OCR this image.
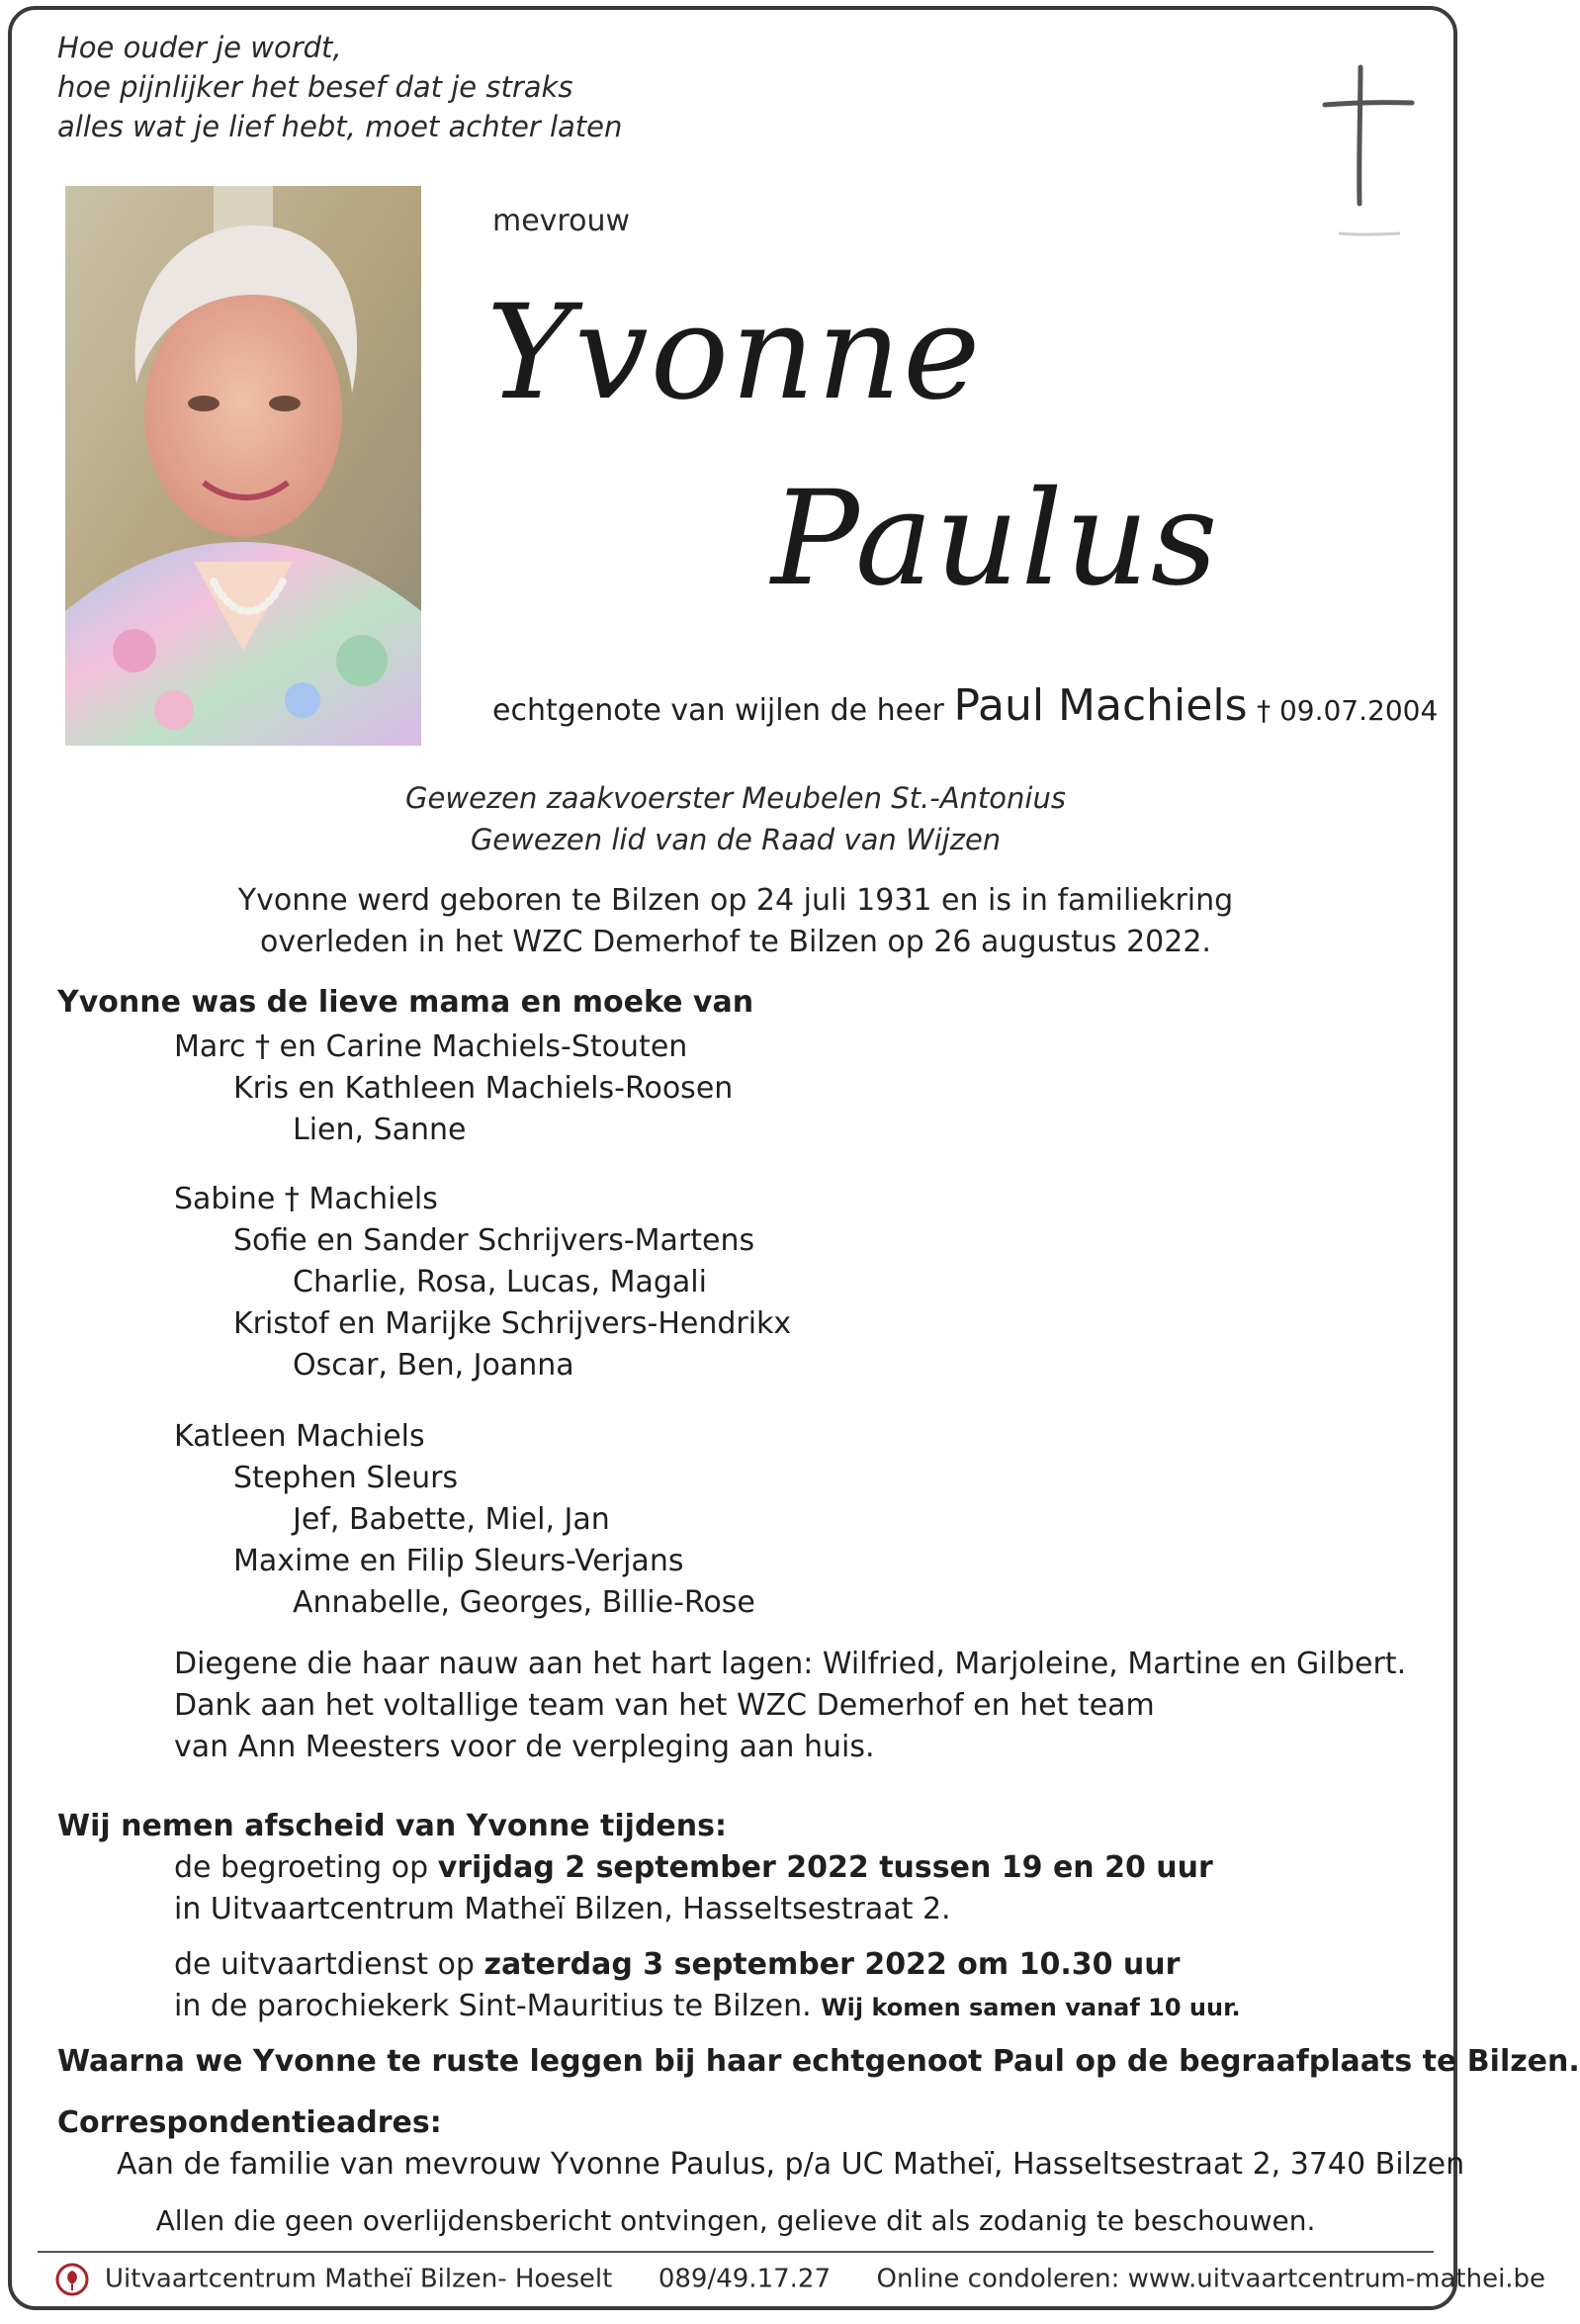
Hoe ouder je wordt,
hoe pijnlijker het besef dat je straks
alles wat je lief hebt, moet achter laten
mevrouw
Yvonne
Paulus
echtgenote van wijlen de heer Paul Machiels † 09.07.2004
Gewezen zaakvoerster Meubelen St.-Antonius
Gewezen lid van de Raad van Wijzen
Yvonne werd geboren te Bilzen op 24 juli 1931 en is in familiekring
overleden in het WZC Demerhof te Bilzen op 26 augustus 2022.
Yvonne was de lieve mama en moeke van
Marc † en Carine Machiels-Stouten
Kris en Kathleen Machiels-Roosen
Lien, Sanne
Sabine † Machiels
Sofie en Sander Schrijvers-Martens
Charlie, Rosa, Lucas, Magali
Kristof en Marijke Schrijvers-Hendrikx
Oscar, Ben, Joanna
Katleen Machiels
Stephen Sleurs
Jef, Babette, Miel, Jan
Maxime en Filip Sleurs-Verjans
Annabelle, Georges, Billie-Rose
Diegene die haar nauw aan het hart lagen: Wilfried, Marjoleine, Martine en Gilbert.
Dank aan het voltallige team van het WZC Demerhof en het team
van Ann Meesters voor de verpleging aan huis.
Wij nemen afscheid van Yvonne tijdens:
de begroeting op vrijdag 2 september 2022 tussen 19 en 20 uur
in Uitvaartcentrum Matheï Bilzen, Hasseltsestraat 2.
de uitvaartdienst op zaterdag 3 september 2022 om 10.30 uur
in de parochiekerk Sint-Mauritius te Bilzen. Wij komen samen vanaf 10 uur.
Waarna we Yvonne te ruste leggen bij haar echtgenoot Paul op de begraafplaats te Bilzen.
Correspondentieadres:
Aan de familie van mevrouw Yvonne Paulus, p/a UC Matheï, Hasseltsestraat 2, 3740 Bilzen
Allen die geen overlijdensbericht ontvingen, gelieve dit als zodanig te beschouwen.
Uitvaartcentrum Matheï Bilzen- Hoeselt 089/49.17.27 Online condoleren: www.uitvaartcentrum-mathei.be
